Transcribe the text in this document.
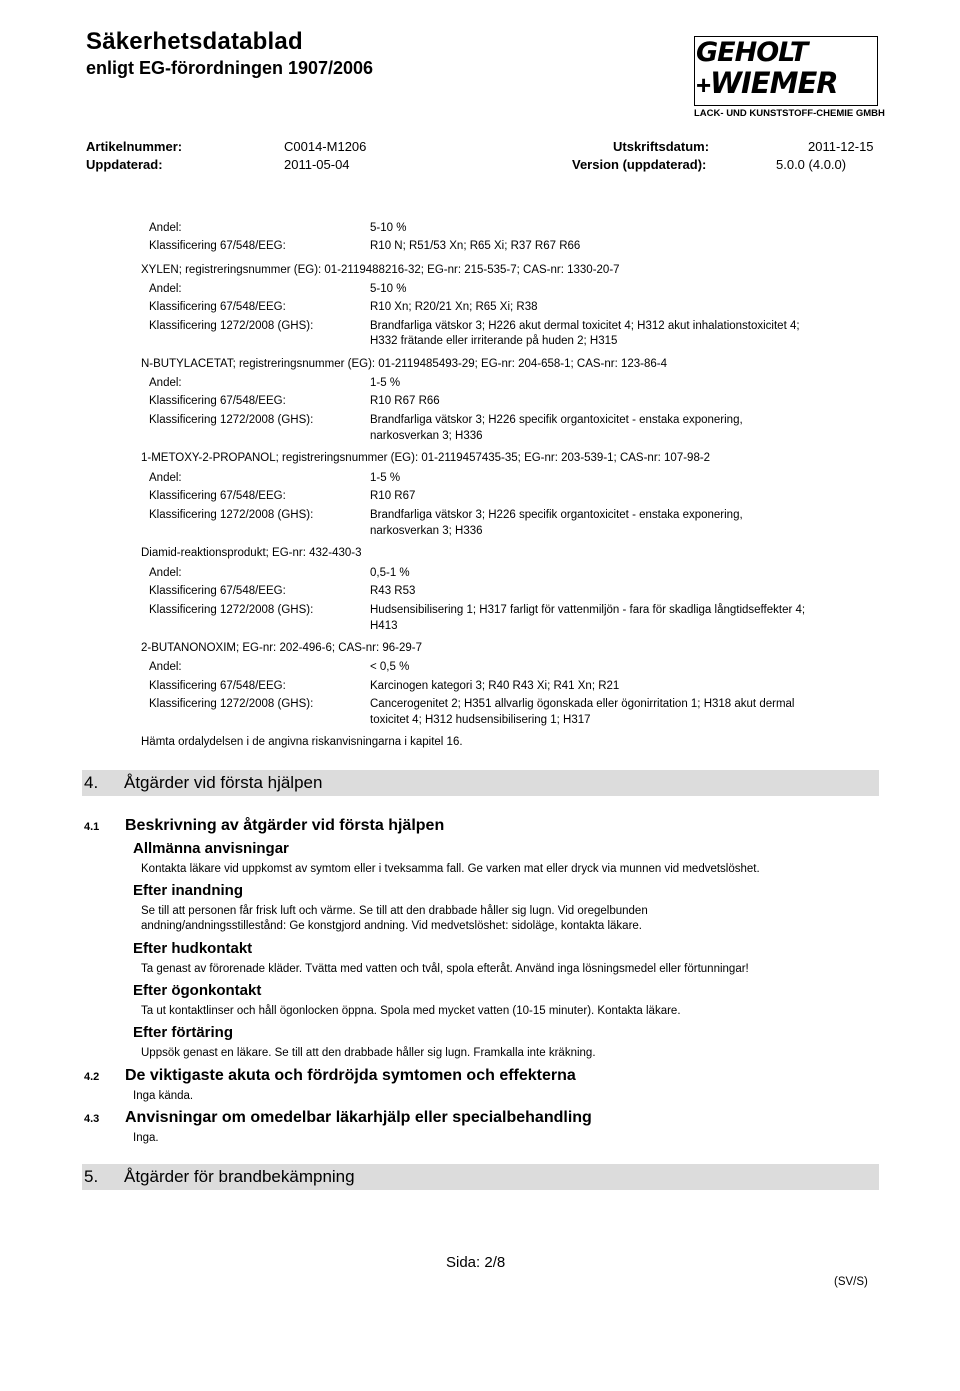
Säkerhetsdatablad
enligt EG-förordningen 1907/2006	GEHOLT
WIEMER
+
LACK- UND KUNSTSTOFF-CHEMIE GMBH
Artikelnummer:	C0014-M1206	Utskriftsdatum:	2011-12-15
Uppdaterad:	2011-05-04	Version (uppdaterad):	5.0.0 (4.0.0)
Andel:	5-10 %
Klassificering 67/548/EEG:	R10 N; R51/53 Xn; R65 Xi; R37 R67 R66
XYLEN; registreringsnummer (EG): 01-2119488216-32; EG-nr: 215-535-7; CAS-nr: 1330-20-7
Andel:	5-10 %
Klassificering 67/548/EEG:	R10 Xn; R20/21 Xn; R65 Xi; R38
Klassificering 1272/2008 (GHS):	Brandfarliga vätskor 3; H226 akut dermal toxicitet 4; H312 akut inhalationstoxicitet 4;
H332 frätande eller irriterande på huden 2; H315
N-BUTYLACETAT; registreringsnummer (EG): 01-2119485493-29; EG-nr: 204-658-1; CAS-nr: 123-86-4
Andel:	1-5 %
Klassificering 67/548/EEG:	R10 R67 R66
Klassificering 1272/2008 (GHS):	Brandfarliga vätskor 3; H226 specifik organtoxicitet - enstaka exponering,
narkosverkan 3; H336
1-METOXY-2-PROPANOL; registreringsnummer (EG): 01-2119457435-35; EG-nr: 203-539-1; CAS-nr: 107-98-2
Andel:	1-5 %
Klassificering 67/548/EEG:	R10 R67
Klassificering 1272/2008 (GHS):	Brandfarliga vätskor 3; H226 specifik organtoxicitet - enstaka exponering,
narkosverkan 3; H336
Diamid-reaktionsprodukt; EG-nr: 432-430-3
Andel:	0,5-1 %
Klassificering 67/548/EEG:	R43 R53
Klassificering 1272/2008 (GHS):	Hudsensibilisering 1; H317 farligt för vattenmiljön - fara för skadliga långtidseffekter 4;
H413
2-BUTANONOXIM; EG-nr: 202-496-6; CAS-nr: 96-29-7
Andel:	< 0,5 %
Klassificering 67/548/EEG:	Karcinogen kategori 3; R40 R43 Xi; R41 Xn; R21
Klassificering 1272/2008 (GHS):	Cancerogenitet 2; H351 allvarlig ögonskada eller ögonirritation 1; H318 akut dermal
toxicitet 4; H312 hudsensibilisering 1; H317
Hämta ordalydelsen i de angivna riskanvisningarna i kapitel 16.
4. Åtgärder vid första hjälpen
4.1 Beskrivning av åtgärder vid första hjälpen
Allmänna anvisningar
Kontakta läkare vid uppkomst av symtom eller i tveksamma fall. Ge varken mat eller dryck via munnen vid medvetslöshet.
Efter inandning
Se till att personen får frisk luft och värme. Se till att den drabbade håller sig lugn. Vid oregelbunden
andning/andningsstillestånd: Ge konstgjord andning. Vid medvetslöshet: sidoläge, kontakta läkare.
Efter hudkontakt
Ta genast av förorenade kläder. Tvätta med vatten och tvål, spola efteråt. Använd inga lösningsmedel eller förtunningar!
Efter ögonkontakt
Ta ut kontaktlinser och håll ögonlocken öppna. Spola med mycket vatten (10-15 minuter). Kontakta läkare.
Efter förtäring
Uppsök genast en läkare. Se till att den drabbade håller sig lugn. Framkalla inte kräkning.
4.2 De viktigaste akuta och fördröjda symtomen och effekterna
Inga kända.
4.3 Anvisningar om omedelbar läkarhjälp eller specialbehandling
Inga.
5. Åtgärder för brandbekämpning
Sida: 2/8
(SV/S)
